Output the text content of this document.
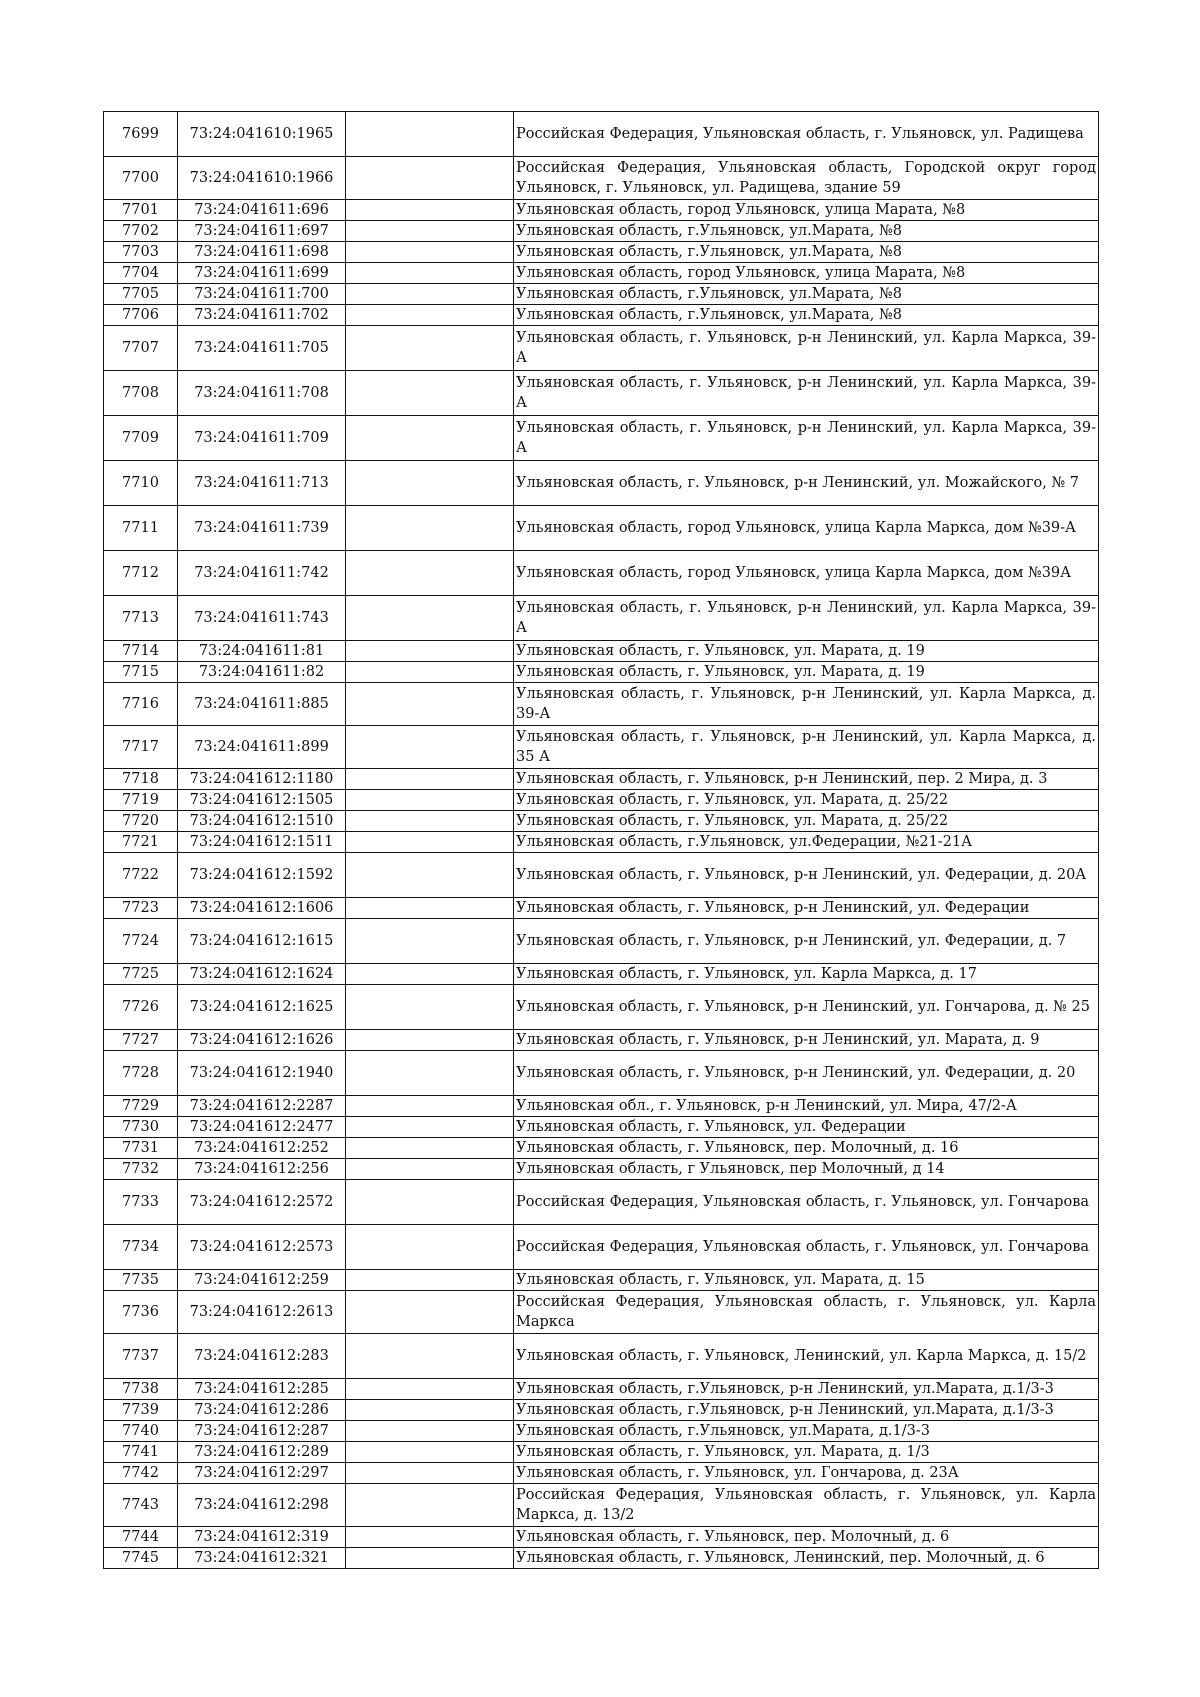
7699	73:24:041610:1965		Российская Федерация, Ульяновская область, г. Ульяновск, ул. Радищева
7700	73:24:041610:1966		Российская Федерация, Ульяновская область, Городской округ город Ульяновск, г. Ульяновск, ул. Радищева, здание 59
7701	73:24:041611:696		Ульяновская область, город Ульяновск, улица Марата, №8
7702	73:24:041611:697		Ульяновская область, г.Ульяновск, ул.Марата, №8
7703	73:24:041611:698		Ульяновская область, г.Ульяновск, ул.Марата, №8
7704	73:24:041611:699		Ульяновская область, город Ульяновск, улица Марата, №8
7705	73:24:041611:700		Ульяновская область, г.Ульяновск, ул.Марата, №8
7706	73:24:041611:702		Ульяновская область, г.Ульяновск, ул.Марата, №8
7707	73:24:041611:705		Ульяновская область, г. Ульяновск, р-н Ленинский, ул. Карла Маркса, 39-А
7708	73:24:041611:708		Ульяновская область, г. Ульяновск, р-н Ленинский, ул. Карла Маркса, 39-А
7709	73:24:041611:709		Ульяновская область, г. Ульяновск, р-н Ленинский, ул. Карла Маркса, 39-А
7710	73:24:041611:713		Ульяновская область, г. Ульяновск, р-н Ленинский, ул. Можайского, № 7
7711	73:24:041611:739		Ульяновская область, город Ульяновск, улица Карла Маркса, дом №39-А
7712	73:24:041611:742		Ульяновская область, город Ульяновск, улица Карла Маркса, дом №39А
7713	73:24:041611:743		Ульяновская область, г. Ульяновск, р-н Ленинский, ул. Карла Маркса, 39-А
7714	73:24:041611:81		Ульяновская область, г. Ульяновск, ул. Марата, д. 19
7715	73:24:041611:82		Ульяновская область, г. Ульяновск, ул. Марата, д. 19
7716	73:24:041611:885		Ульяновская область, г. Ульяновск, р-н Ленинский, ул. Карла Маркса, д. 39-А
7717	73:24:041611:899		Ульяновская область, г. Ульяновск, р-н Ленинский, ул. Карла Маркса, д. 35 А
7718	73:24:041612:1180		Ульяновская область, г. Ульяновск, р-н Ленинский, пер. 2 Мира, д. 3
7719	73:24:041612:1505		Ульяновская область, г. Ульяновск, ул. Марата, д. 25/22
7720	73:24:041612:1510		Ульяновская область, г. Ульяновск, ул. Марата, д. 25/22
7721	73:24:041612:1511		Ульяновская область, г.Ульяновск, ул.Федерации, №21-21А
7722	73:24:041612:1592		Ульяновская область, г. Ульяновск, р-н Ленинский, ул. Федерации, д. 20А
7723	73:24:041612:1606		Ульяновская область, г. Ульяновск, р-н Ленинский, ул. Федерации
7724	73:24:041612:1615		Ульяновская область, г. Ульяновск, р-н Ленинский, ул. Федерации, д. 7
7725	73:24:041612:1624		Ульяновская область, г. Ульяновск, ул. Карла Маркса, д. 17
7726	73:24:041612:1625		Ульяновская область, г. Ульяновск, р-н Ленинский, ул. Гончарова, д. № 25
7727	73:24:041612:1626		Ульяновская область, г. Ульяновск, р-н Ленинский, ул. Марата, д. 9
7728	73:24:041612:1940		Ульяновская область, г. Ульяновск, р-н Ленинский, ул. Федерации, д. 20
7729	73:24:041612:2287		Ульяновская обл., г. Ульяновск, р-н Ленинский, ул. Мира, 47/2-А
7730	73:24:041612:2477		Ульяновская область, г. Ульяновск, ул. Федерации
7731	73:24:041612:252		Ульяновская область, г. Ульяновск, пер. Молочный, д. 16
7732	73:24:041612:256		Ульяновская область, г Ульяновск, пер Молочный, д 14
7733	73:24:041612:2572		Российская Федерация, Ульяновская область, г. Ульяновск, ул. Гончарова
7734	73:24:041612:2573		Российская Федерация, Ульяновская область, г. Ульяновск, ул. Гончарова
7735	73:24:041612:259		Ульяновская область, г. Ульяновск, ул. Марата, д. 15
7736	73:24:041612:2613		Российская Федерация, Ульяновская область, г. Ульяновск, ул. Карла Маркса
7737	73:24:041612:283		Ульяновская область, г. Ульяновск, Ленинский, ул. Карла Маркса, д. 15/2
7738	73:24:041612:285		Ульяновская область, г.Ульяновск, р-н Ленинский, ул.Марата, д.1/3-3
7739	73:24:041612:286		Ульяновская область, г.Ульяновск, р-н Ленинский, ул.Марата, д.1/3-3
7740	73:24:041612:287		Ульяновская область, г.Ульяновск, ул.Марата, д.1/3-3
7741	73:24:041612:289		Ульяновская область, г. Ульяновск, ул. Марата, д. 1/3
7742	73:24:041612:297		Ульяновская область, г. Ульяновск, ул. Гончарова, д. 23А
7743	73:24:041612:298		Российская Федерация, Ульяновская область, г. Ульяновск, ул. Карла Маркса, д. 13/2
7744	73:24:041612:319		Ульяновская область, г. Ульяновск, пер. Молочный, д. 6
7745	73:24:041612:321		Ульяновская область, г. Ульяновск, Ленинский, пер. Молочный, д. 6
